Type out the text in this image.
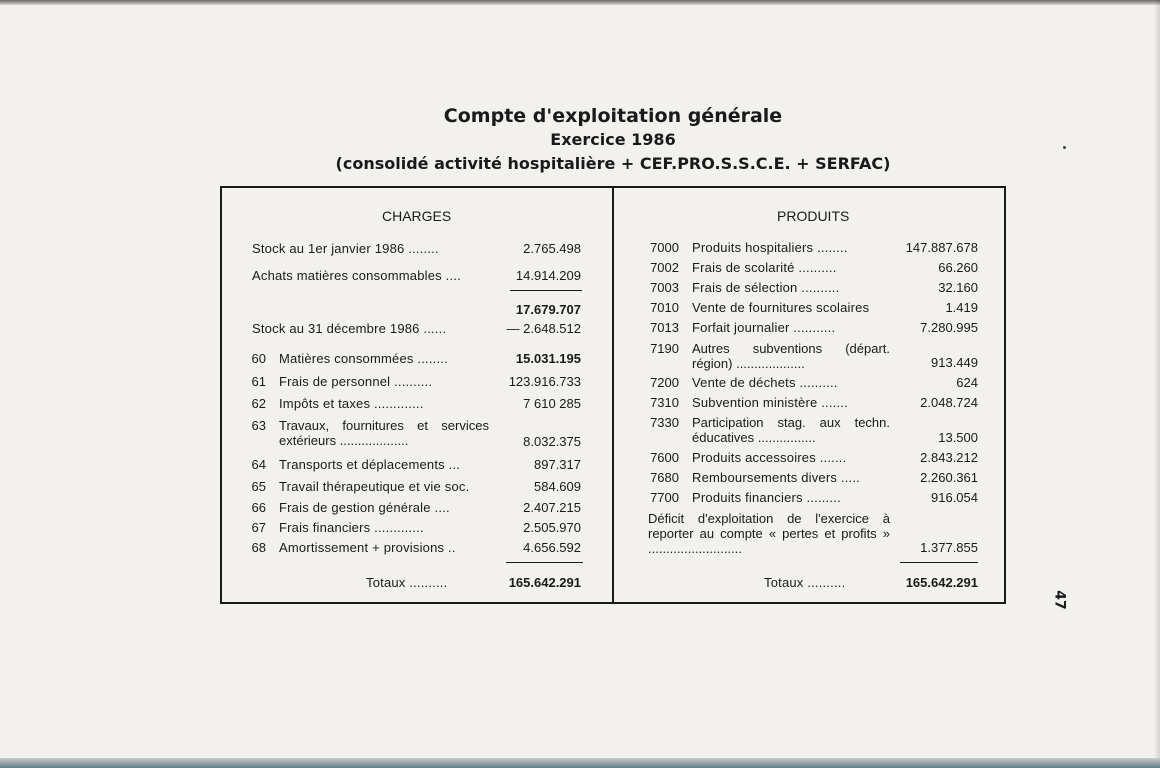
Compte d'exploitation générale
Exercice 1986
(consolidé activité hospitalière + CEF.PRO.S.S.C.E. + SERFAC)
CHARGES
Stock au 1er janvier 1986 ........	2.765.498
Achats matières consommables ....	14.914.209
17.679.707
Stock au 31 décembre 1986 ......	— 2.648.512
60 Matières consommées ........	15.031.195
61 Frais de personnel ..........	123.916.733
62 Impôts et taxes .............	7 610 285
63 Travaux, fournitures et services extérieurs ...................	8.032.375
64 Transports et déplacements ...	897.317
65 Travail thérapeutique et vie soc.	584.609
66 Frais de gestion générale ....	2.407.215
67 Frais financiers .............	2.505.970
68 Amortissement + provisions ..	4.656.592
Totaux ..........	165.642.291
PRODUITS
7000 Produits hospitaliers ........	147.887.678
7002 Frais de scolarité ..........	66.260
7003 Frais de sélection ..........	32.160
7010 Vente de fournitures scolaires	1.419
7013 Forfait journalier ...........	7.280.995
7190 Autres subventions (départ. région) ...................	913.449
7200 Vente de déchets ..........	624
7310 Subvention ministère .......	2.048.724
7330 Participation stag. aux techn. éducatives ................	13.500
7600 Produits accessoires .......	2.843.212
7680 Remboursements divers .....	2.260.361
7700 Produits financiers .........	916.054
Déficit d'exploitation de l'exercice à reporter au compte « pertes et profits » ..........................	1.377.855
Totaux ..........	165.642.291
47
